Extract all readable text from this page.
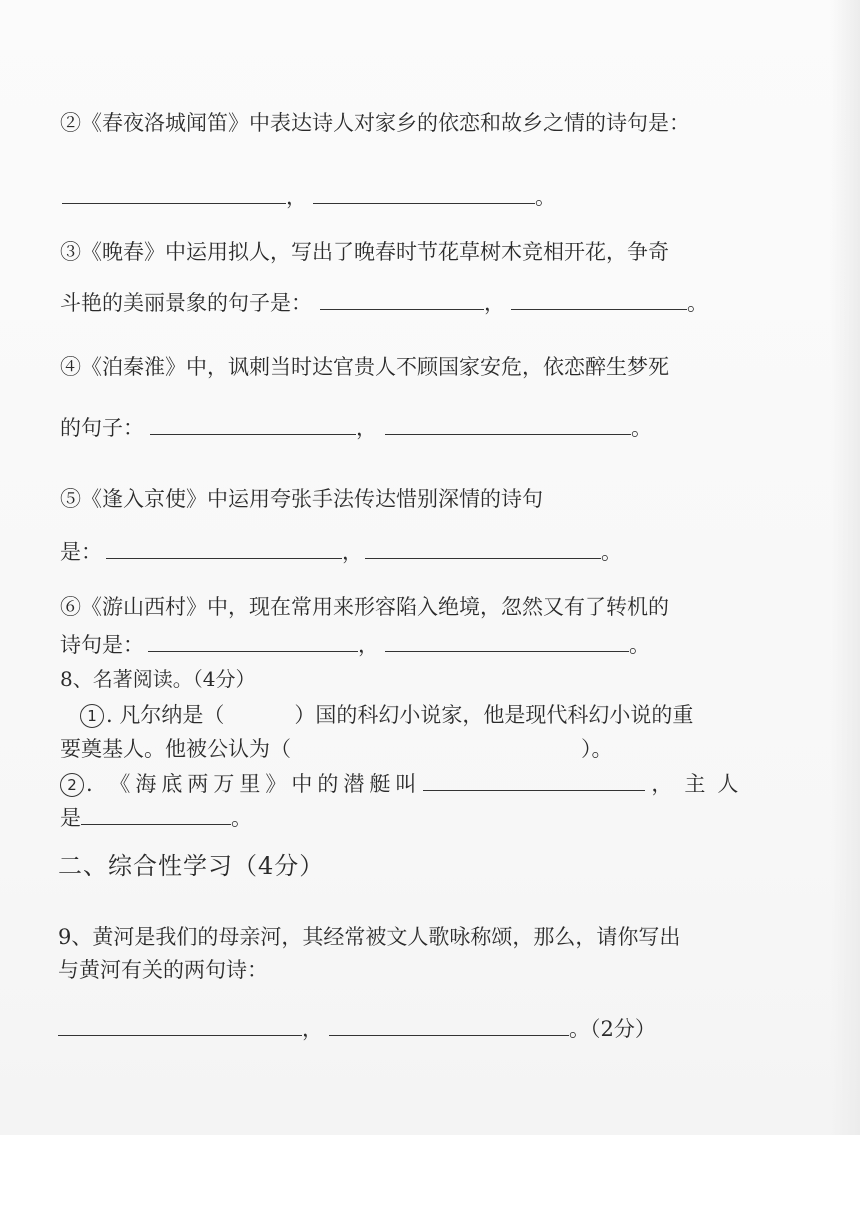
②《春夜洛城闻笛》中表达诗人对家乡的依恋和故乡之情的诗句是：
，	。
③《晚春》中运用拟人，写出了晚春时节花草树木竞相开花，争奇
斗艳的美丽景象的句子是：	，	。
④《泊秦淮》中，讽刺当时达官贵人不顾国家安危，依恋醉生梦死
的句子：	，	。
⑤《逢入京使》中运用夸张手法传达惜别深情的诗句
是：	，	。
⑥《游山西村》中，现在常用来形容陷入绝境，忽然又有了转机的
诗句是：	，	。
8、名著阅读。（4分）
1 . 凡尔纳是（	）国的科幻小说家，他是现代科幻小说的重
要奠基人。他被公认为（	）。
2 . 《海底两万里》中的潜艇叫	，主人
是	。
二、综合性学习（4分）
9、黄河是我们的母亲河，其经常被文人歌咏称颂，那么，请你写出
与黄河有关的两句诗：
，	。（2分）
